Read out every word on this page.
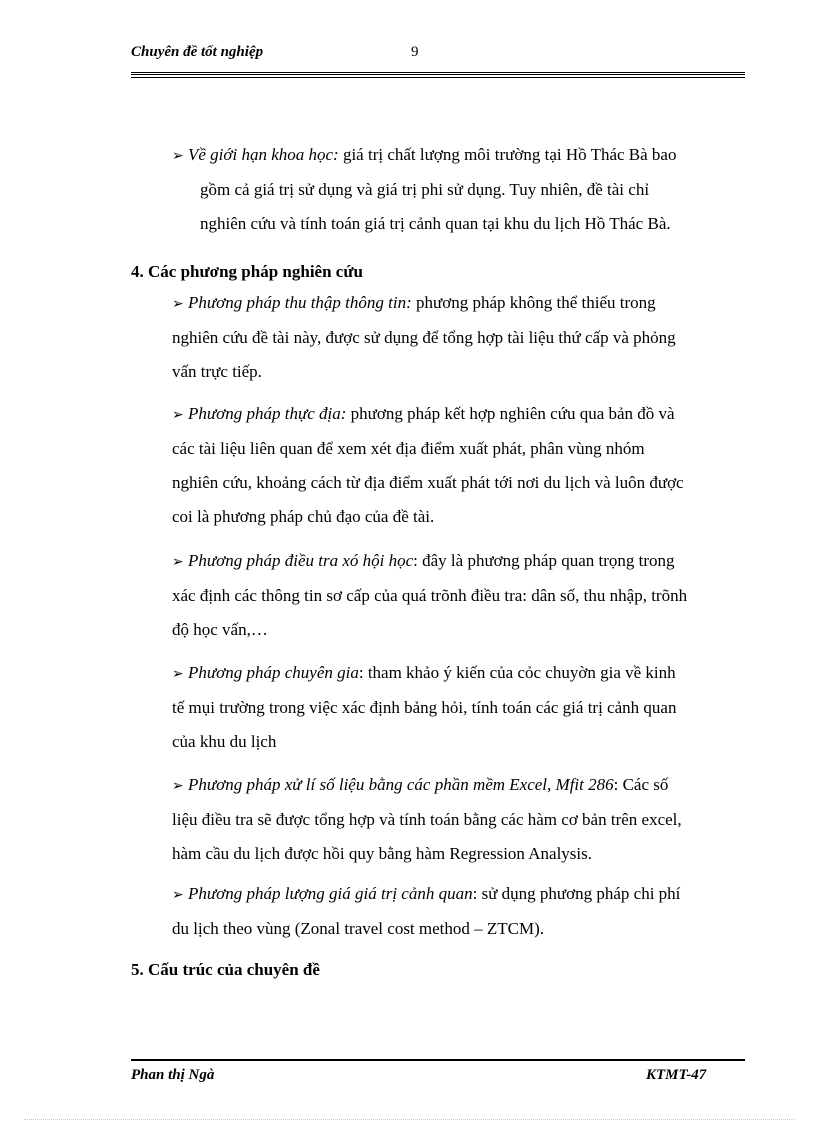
Chuyên đề tốt nghiệp	9
➢ Về giới hạn khoa học: giá trị chất lượng môi trường tại Hồ Thác Bà bao
gồm cả giá trị sử dụng và giá trị phi sử dụng. Tuy nhiên, đề tài chỉ
nghiên cứu và tính toán giá trị cảnh quan tại khu du lịch Hồ Thác Bà.
4. Các phương pháp nghiên cứu
➢ Phương pháp thu thập thông tin: phương pháp không thể thiếu trong
nghiên cứu đề tài này, được sử dụng để tổng hợp tài liệu thứ cấp và phỏng
vấn trực tiếp.
➢ Phương pháp thực địa: phương pháp kết hợp nghiên cứu qua bản đồ và
các tài liệu liên quan để xem xét địa điểm xuất phát, phân vùng nhóm
nghiên cứu, khoảng cách từ địa điểm xuất phát tới nơi du lịch và luôn được
coi là phương pháp chủ đạo của đề tài.
➢ Phương pháp điều tra xó hội học: đây là phương pháp quan trọng trong
xác định các thông tin sơ cấp của quá trõnh điều tra: dân số, thu nhập, trõnh
độ học vấn,…
➢ Phương pháp chuyên gia: tham khảo ý kiến của cỏc chuyờn gia về kinh
tế mụi trường trong việc xác định bảng hỏi, tính toán các giá trị cảnh quan
của khu du lịch
➢ Phương pháp xử lí số liệu bằng các phần mềm Excel, Mfit 286: Các số
liệu điều tra sẽ được tổng hợp và tính toán bằng các hàm cơ bản trên excel,
hàm cầu du lịch được hồi quy bằng hàm Regression Analysis.
➢ Phương pháp lượng giá giá trị cảnh quan: sử dụng phương pháp chi phí
du lịch theo vùng (Zonal travel cost method – ZTCM).
5. Cấu trúc của chuyên đề
Phan thị Ngà	KTMT-47
